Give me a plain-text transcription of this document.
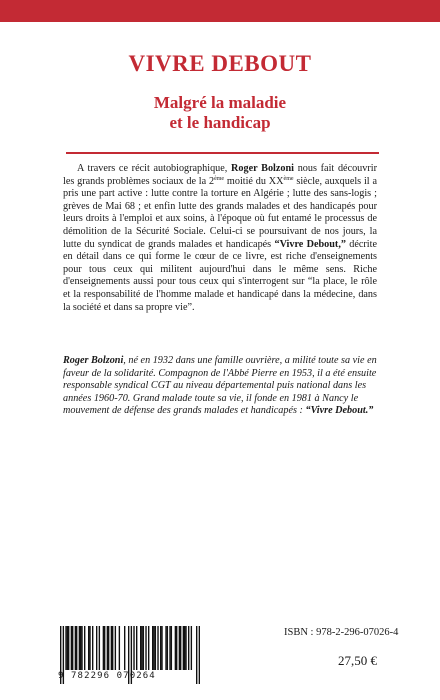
VIVRE DEBOUT
Malgré la maladie
et le handicap
A travers ce récit autobiographique, Roger Bolzoni nous fait découvrir les grands problèmes sociaux de la 2ème moitié du XXème siècle, auxquels il a pris une part active : lutte contre la torture en Algérie ; lutte des sans-logis ; grèves de Mai 68 ; et enfin lutte des grands malades et des handicapés pour leurs droits à l'emploi et aux soins, à l'époque où fut entamé le processus de démolition de la Sécurité Sociale. Celui-ci se poursuivant de nos jours, la lutte du syndicat de grands malades et handicapés “Vivre Debout,” décrite en détail dans ce qui forme le cœur de ce livre, est riche d'enseignements pour tous ceux qui militent aujourd'hui dans le même sens. Riche d'enseignements aussi pour tous ceux qui s'interrogent sur “la place, le rôle et la responsabilité de l'homme malade et handicapé dans la médecine, dans la société et dans sa propre vie”.
Roger Bolzoni, né en 1932 dans une famille ouvrière, a milité toute sa vie en faveur de la solidarité. Compagnon de l'Abbé Pierre en 1953, il a été ensuite responsable syndical CGT au niveau départemental puis national dans les années 1960-70. Grand malade toute sa vie, il fonde en 1981 à Nancy le mouvement de défense des grands malades et handicapés : “Vivre Debout.”
9 782296 070264
ISBN : 978-2-296-07026-4
27,50 €
